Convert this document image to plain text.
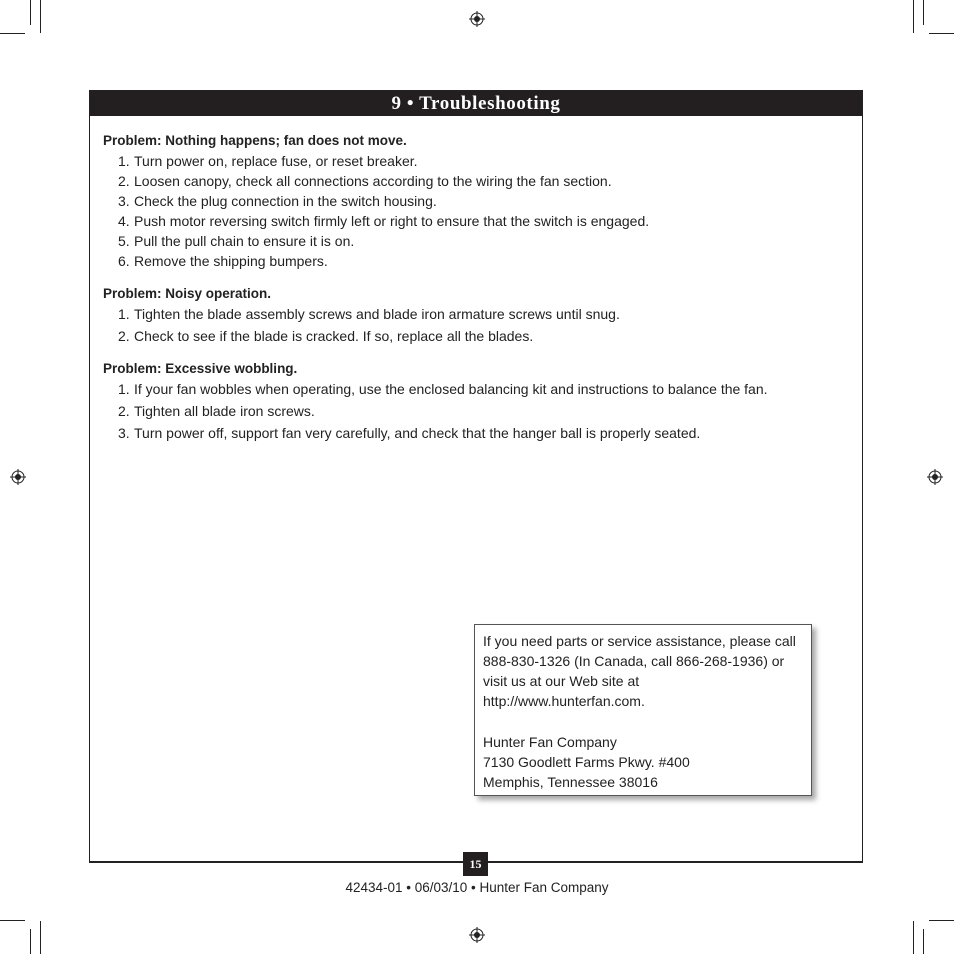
9 • Troubleshooting

Problem: Nothing happens; fan does not move.

1. Turn power on, replace fuse, or reset breaker.
2. Loosen canopy, check all connections according to the wiring the fan section.
3. Check the plug connection in the switch housing.
4. Push motor reversing switch firmly left or right to ensure that the switch is engaged.
5. Pull the pull chain to ensure it is on.
6. Remove the shipping bumpers.

Problem: Noisy operation.

1. Tighten the blade assembly screws and blade iron armature screws until snug.
2. Check to see if the blade is cracked. If so, replace all the blades.

Problem: Excessive wobbling.

1. If your fan wobbles when operating, use the enclosed balancing kit and instructions to balance the fan.
2. Tighten all blade iron screws.
3. Turn power off, support fan very carefully, and check that the hanger ball is properly seated.

If you need parts or service assistance, please call

888-830-1326 (In Canada, call 866-268-1936) or

visit us at our Web site at

http://www.hunterfan.com.

Hunter Fan Company

7130 Goodlett Farms Pkwy. #400

Memphis, Tennessee 38016

15
42434-01 • 06/03/10 • Hunter Fan Company
